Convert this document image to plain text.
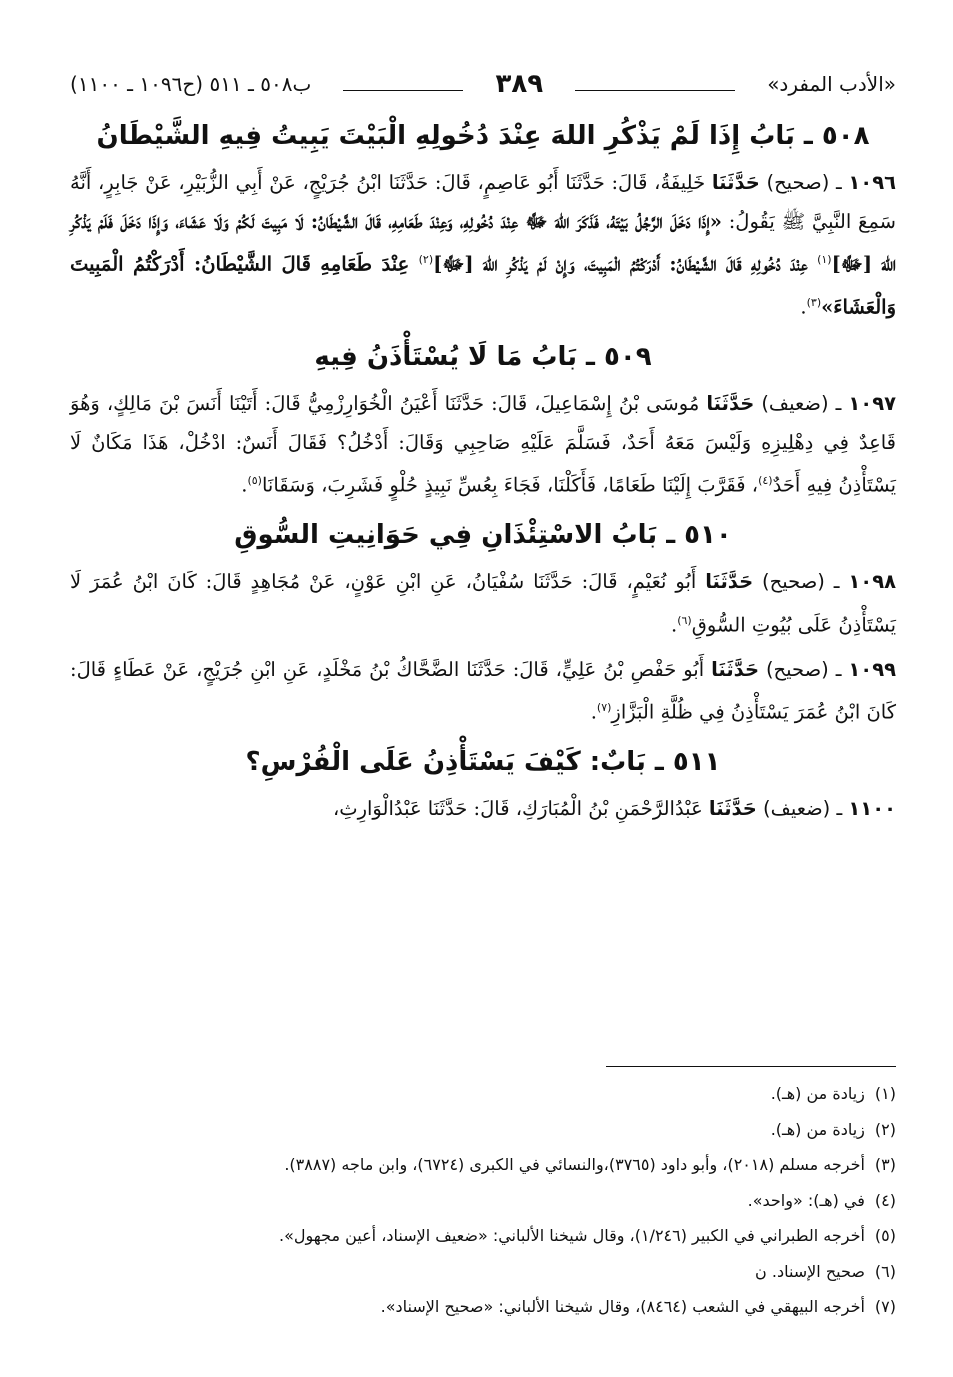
«الأدب المفرد»
٣٨٩
ب٥٠٨ ـ ٥١١ (ح١٠٩٦ ـ ١١٠٠)
٥٠٨ ـ بَابُ إِذَا لَمْ يَذْكُرِ اللهَ عِنْدَ دُخُولِهِ الْبَيْتَ يَبِيتُ فِيهِ الشَّيْطَانُ

١٠٩٦ ـ (صحيح) حَدَّثَنَا خَلِيفَةُ، قَالَ: حَدَّثَنَا أَبُو عَاصِمٍ، قَالَ: حَدَّثَنَا ابْنُ جُرَيْجٍ، عَنْ أَبِي الزُّبَيْرِ، عَنْ جَابِرٍ، أَنَّهُ سَمِعَ النَّبِيَّ ﷺ يَقُولُ: «إِذَا دَخَلَ الرَّجُلُ بَيْتَهُ، فَذَكَرَ اللهَ ﷻ عِنْدَ دُخُولِهِ، وَعِنْدَ طَعَامِهِ، قَالَ الشَّيْطَانُ: لَا مَبِيتَ لَكُمْ وَلَا عَشَاءَ، وَإِذَا دَخَلَ فَلَمْ يَذْكُرِ اللهَ [ﷻ]$^{(١)}$ عِنْدَ دُخُولِهِ قَالَ الشَّيْطَانُ: أَدْرَكْتُمُ الْمَبِيتَ، وَإِنْ لَمْ يَذْكُرِ اللهَ [ﷻ]$^{(٢)}$ عِنْدَ طَعَامِهِ قَالَ الشَّيْطَانُ: أَدْرَكْتُمُ الْمَبِيتَ وَالْعَشَاءَ»$^{(٣)}$.

٥٠٩ ـ بَابُ مَا لَا يُسْتَأْذَنُ فِيهِ

١٠٩٧ ـ (ضعيف) حَدَّثَنَا مُوسَى بْنُ إِسْمَاعِيلَ، قَالَ: حَدَّثَنَا أَعْيَنُ الْخُوَارِزْمِيُّ قَالَ: أَتَيْنَا أَنَسَ بْنَ مَالِكٍ، وَهُوَ قَاعِدٌ فِي دِهْلِيزِهِ وَلَيْسَ مَعَهُ أَحَدٌ، فَسَلَّمَ عَلَيْهِ صَاحِبِي وَقَالَ: أَدْخُلُ؟ فَقَالَ أَنَسٌ: ادْخُلْ، هَذَا مَكَانٌ لَا يَسْتَأْذِنُ فِيهِ أَحَدٌ$^{(٤)}$، فَقَرَّبَ إِلَيْنَا طَعَامًا، فَأَكَلْنَا، فَجَاءَ بِعُسِّ نَبِيذٍ حُلْوٍ فَشَرِبَ، وَسَقَانَا$^{(٥)}$.

٥١٠ ـ بَابُ الاسْتِئْذَانِ فِي حَوَانِيتِ السُّوقِ

١٠٩٨ ـ (صحيح) حَدَّثَنَا أَبُو نُعَيْمٍ، قَالَ: حَدَّثَنَا سُفْيَانُ، عَنِ ابْنِ عَوْنٍ، عَنْ مُجَاهِدٍ قَالَ: كَانَ ابْنُ عُمَرَ لَا يَسْتَأْذِنُ عَلَى بُيُوتِ السُّوقِ$^{(٦)}$.

١٠٩٩ ـ (صحيح) حَدَّثَنَا أَبُو حَفْصِ بْنُ عَلِيٍّ، قَالَ: حَدَّثَنَا الضَّحَّاكُ بْنُ مَخْلَدٍ، عَنِ ابْنِ جُرَيْجٍ، عَنْ عَطَاءٍ قَالَ: كَانَ ابْنُ عُمَرَ يَسْتَأْذِنُ فِي ظُلَّةِ الْبَزَّازِ$^{(٧)}$.

٥١١ ـ بَابٌ: كَيْفَ يَسْتَأْذِنُ عَلَى الْفُرْسِ؟

١١٠٠ ـ (ضعيف) حَدَّثَنَا عَبْدُالرَّحْمَنِ بْنُ الْمُبَارَكِ، قَالَ: حَدَّثَنَا عَبْدُالْوَارِثِ،

(١)زيادة من (هـ).
(٢)زيادة من (هـ).
(٣)أخرجه مسلم (٢٠١٨)، وأبو داود (٣٧٦٥)،والنسائي في الكبرى (٦٧٢٤)، وابن ماجه (٣٨٨٧).
(٤)في (هـ): «واحد».
(٥)أخرجه الطبراني في الكبير (١/٢٤٦)، وقال شيخنا الألباني: «ضعيف الإسناد، أعين مجهول».
(٦)صحيح الإسناد. ن
(٧)أخرجه البيهقي في الشعب (٨٤٦٤)، وقال شيخنا الألباني: «صحيح الإسناد».
